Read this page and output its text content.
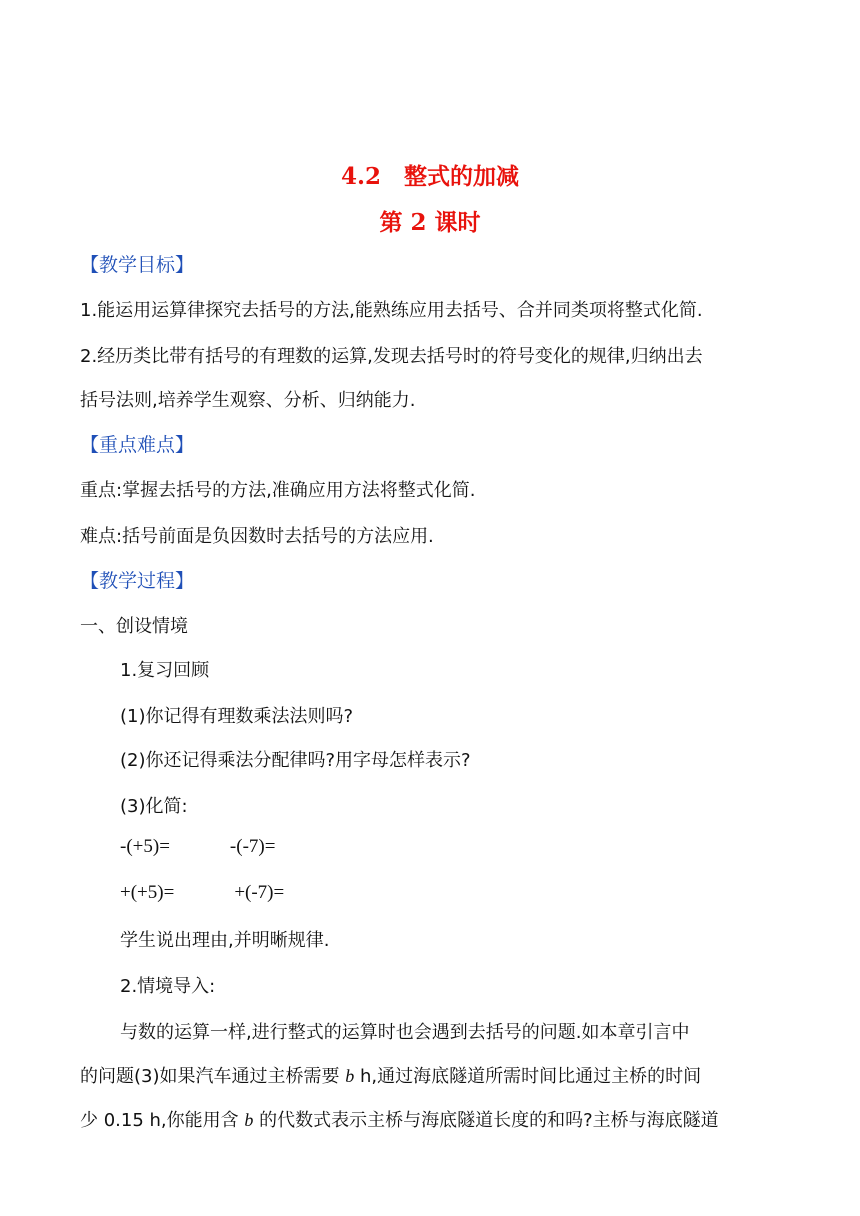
4.2　整式的加减
第 2 课时
【教学目标】
1.能运用运算律探究去括号的方法,能熟练应用去括号、合并同类项将整式化简.
2.经历类比带有括号的有理数的运算,发现去括号时的符号变化的规律,归纳出去
括号法则,培养学生观察、分析、归纳能力.
【重点难点】
重点:掌握去括号的方法,准确应用方法将整式化简.
难点:括号前面是负因数时去括号的方法应用.
【教学过程】
一、创设情境
1.复习回顾
(1)你记得有理数乘法法则吗?
(2)你还记得乘法分配律吗?用字母怎样表示?
(3)化简:
-(+5)=	-(-7)=
+(+5)=	+(-7)=
学生说出理由,并明晰规律.
2.情境导入:
与数的运算一样,进行整式的运算时也会遇到去括号的问题.如本章引言中
的问题(3)如果汽车通过主桥需要 b h,通过海底隧道所需时间比通过主桥的时间
少 0.15 h,你能用含 b 的代数式表示主桥与海底隧道长度的和吗?主桥与海底隧道
